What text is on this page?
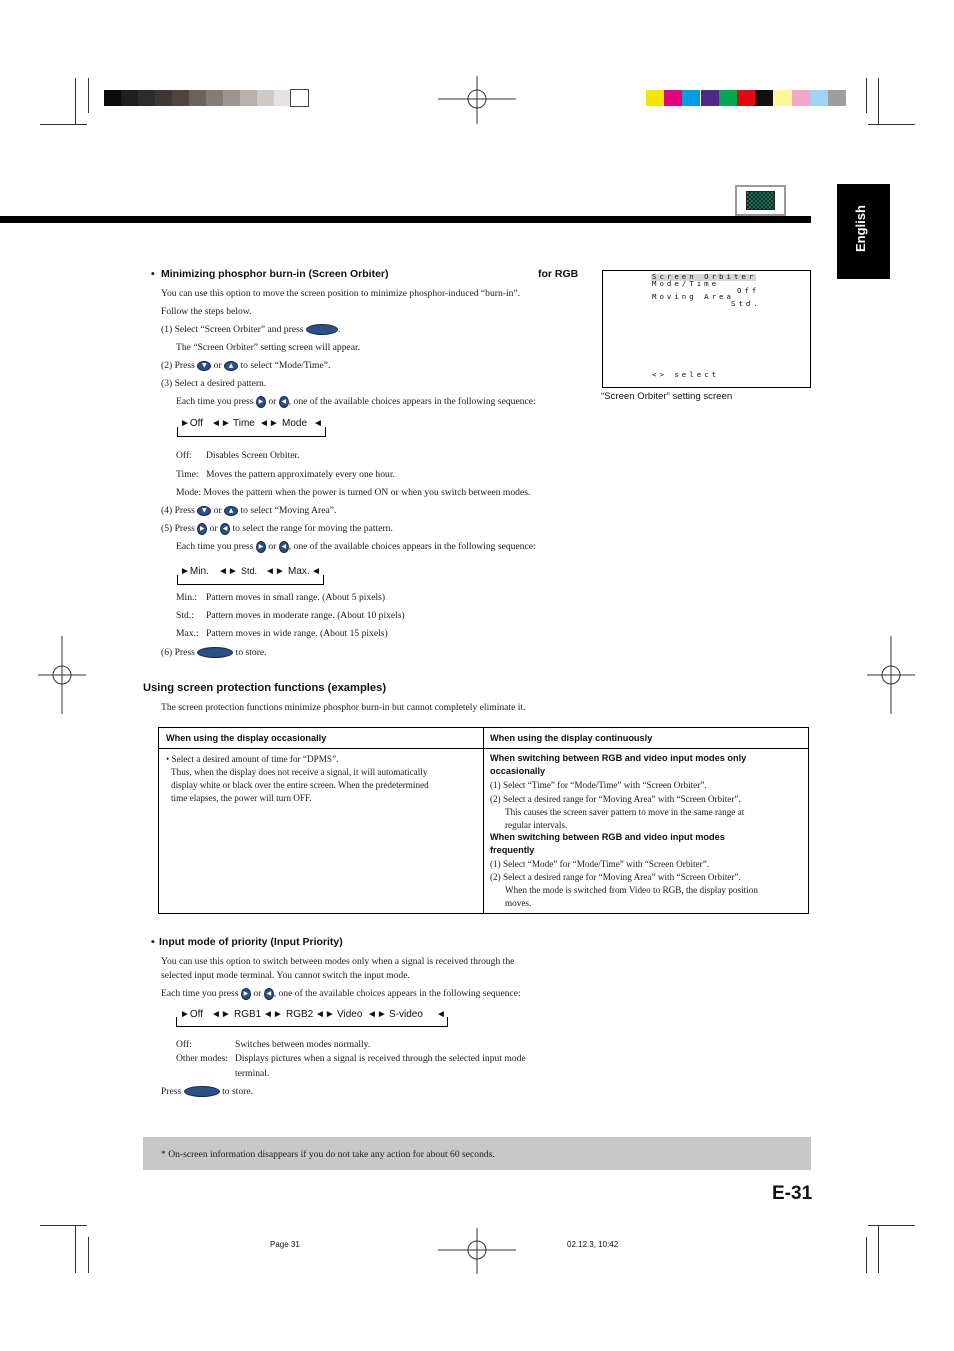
English
• Minimizing phosphor burn-in (Screen Orbiter)	for RGB
You can use this option to move the screen position to minimize phosphor-induced “burn-in”.
Follow the steps below.
(1) Select “Screen Orbiter” and press	.
The “Screen Orbiter” setting screen will appear.
(2) Press ▼ or ▲ to select “Mode/Time”.
(3) Select a desired pattern.
Each time you press ▶ or ◀ , one of the available choices appears in the following sequence:
►Off ◄► Time ◄► Mode ◄
Off: Disables Screen Orbiter.
Time: Moves the pattern approximately every one hour.
Mode: Moves the pattern when the power is turned ON or when you switch between modes.
(4) Press ▼ or ▲ to select “Moving Area”.
(5) Press ▶ or ◀ to select the range for moving the pattern.
Each time you press ▶ or ◀ , one of the available choices appears in the following sequence:
►Min. ◄► Std. ◄► Max. ◄
Min.: Pattern moves in small range. (About 5 pixels)
Std.: Pattern moves in moderate range. (About 10 pixels)
Max.: Pattern moves in wide range. (About 15 pixels)
(6) Press	to store.
Screen Orbiter
Mode/Time
Off
Moving Area
Std.
<> select
“Screen Orbiter” setting screen
Using screen protection functions (examples)
The screen protection functions minimize phosphor burn-in but cannot completely eliminate it.
When using the display occasionally	When using the display continuously
• Select a desired amount of time for “DPMS”.
Thus, when the display does not receive a signal, it will automatically
display white or black over the entire screen. When the predetermined
time elapses, the power will turn OFF.
When switching between RGB and video input modes only
occasionally
(1) Select “Time” for “Mode/Time” with “Screen Orbiter”.
(2) Select a desired range for “Moving Area” with “Screen Orbiter”.
This causes the screen saver pattern to move in the same range at
regular intervals.
When switching between RGB and video input modes
frequently
(1) Select “Mode” for “Mode/Time” with “Screen Orbiter”.
(2) Select a desired range for “Moving Area” with “Screen Orbiter”.
When the mode is switched from Video to RGB, the display position
moves.
• Input mode of priority (Input Priority)
You can use this option to switch between modes only when a signal is received through the
selected input mode terminal. You cannot switch the input mode.
Each time you press ▶ or ◀ , one of the available choices appears in the following sequence:
►Off ◄► RGB1 ◄► RGB2 ◄► Video ◄► S-video ◄
Off:	Switches between modes normally.
Other modes: Displays pictures when a signal is received through the selected input mode
terminal.
Press	to store.
* On-screen information disappears if you do not take any action for about 60 seconds.
E-31
Page 31	02.12.3, 10:42
